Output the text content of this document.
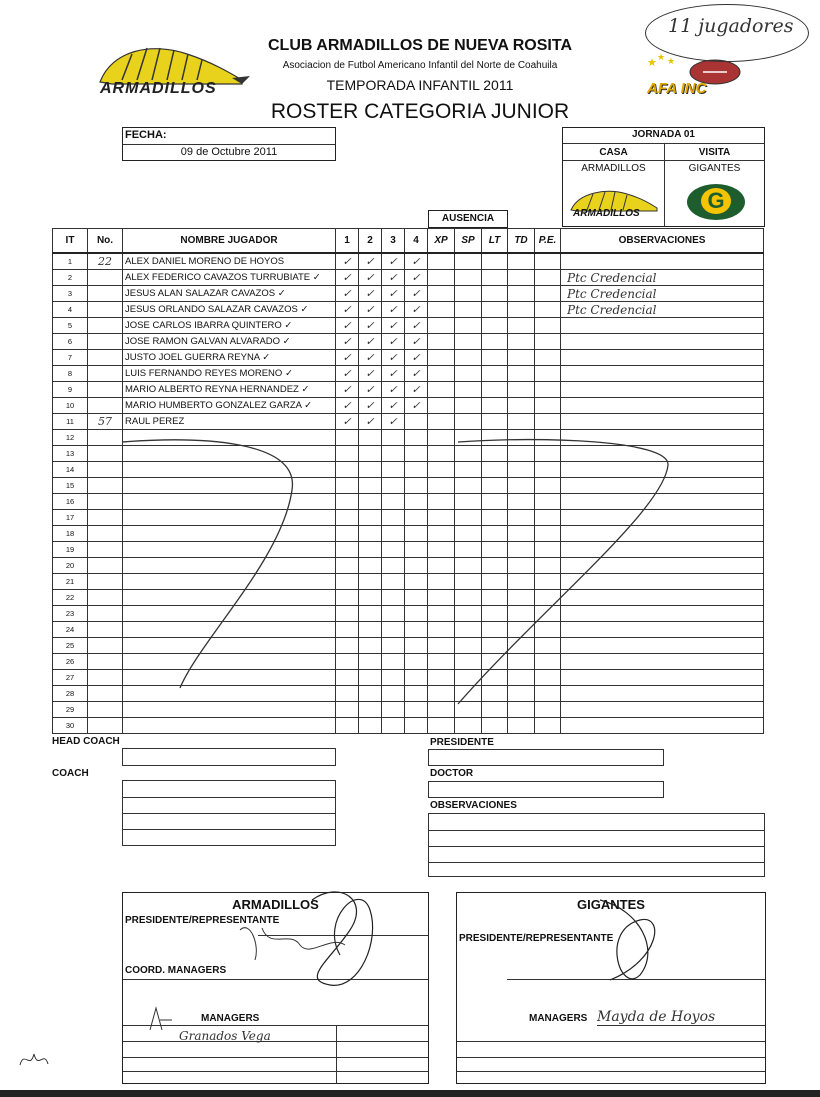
ARMADILLOS
CLUB ARMADILLOS DE NUEVA ROSITA
Asociacion de Futbol Americano Infantil del Norte de Coahuila
TEMPORADA INFANTIL 2011
ROSTER CATEGORIA JUNIOR
★ ★ ★
AFA INC
11 jugadores
FECHA:
09 de Octubre 2011
JORNADA 01
CASA	VISITA
ARMADILLOS	GIGANTES
ARMADILLOS
G
AUSENCIA
IT	No.	NOMBRE JUGADOR	1	2	3	4	XP	SP	LT	TD	P.E.	OBSERVACIONES
1	22	ALEX DANIEL MORENO DE HOYOS	✓	✓	✓	✓						
2		ALEX FEDERICO CAVAZOS TURRUBIATE ✓	✓	✓	✓	✓						Ptc Credencial
3		JESUS ALAN SALAZAR CAVAZOS ✓	✓	✓	✓	✓						Ptc Credencial
4		JESUS ORLANDO SALAZAR CAVAZOS ✓	✓	✓	✓	✓						Ptc Credencial
5		JOSE CARLOS IBARRA QUINTERO ✓	✓	✓	✓	✓						
6		JOSE RAMON GALVAN ALVARADO ✓	✓	✓	✓	✓						
7		JUSTO JOEL GUERRA REYNA ✓	✓	✓	✓	✓						
8		LUIS FERNANDO REYES MORENO ✓	✓	✓	✓	✓						
9		MARIO ALBERTO REYNA HERNANDEZ ✓	✓	✓	✓	✓						
10		MARIO HUMBERTO GONZALEZ GARZA ✓	✓	✓	✓	✓						
11	57	RAUL PEREZ	✓	✓	✓							
12												
13												
14												
15												
16												
17												
18												
19												
20												
21												
22												
23												
24												
25												
26												
27												
28												
29												
30												
HEAD COACH
COACH
PRESIDENTE
DOCTOR
OBSERVACIONES
ARMADILLOS
PRESIDENTE/REPRESENTANTE
COORD. MANAGERS
MANAGERS
Granados Vega
GIGANTES
PRESIDENTE/REPRESENTANTE
MANAGERS Mayda de Hoyos
